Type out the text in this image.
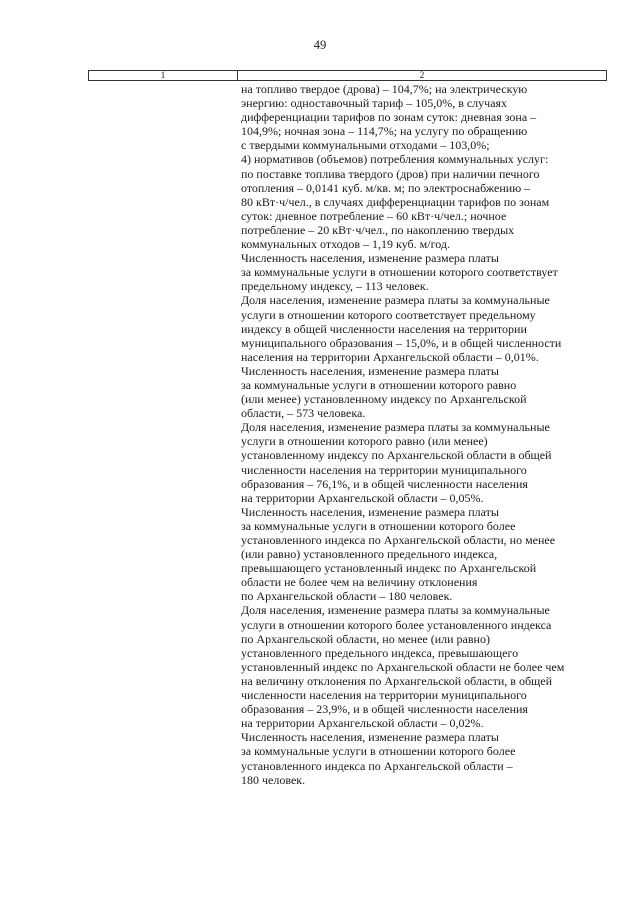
49
1	2
на топливо твердое (дрова) – 104,7%; на электрическую
энергию: одноставочный тариф – 105,0%, в случаях
дифференциации тарифов по зонам суток: дневная зона –
104,9%; ночная зона – 114,7%; на услугу по обращению
с твердыми коммунальными отходами – 103,0%;
4) нормативов (объемов) потребления коммунальных услуг:
по поставке топлива твердого (дров) при наличии печного
отопления – 0,0141 куб. м/кв. м; по электроснабжению –
80 кВт·ч/чел., в случаях дифференциации тарифов по зонам
суток: дневное потребление – 60 кВт·ч/чел.; ночное
потребление – 20 кВт·ч/чел., по накоплению твердых
коммунальных отходов – 1,19 куб. м/год.
Численность населения, изменение размера платы
за коммунальные услуги в отношении которого соответствует
предельному индексу, – 113 человек.
Доля населения, изменение размера платы за коммунальные
услуги в отношении которого соответствует предельному
индексу в общей численности населения на территории
муниципального образования – 15,0%, и в общей численности
населения на территории Архангельской области – 0,01%.
Численность населения, изменение размера платы
за коммунальные услуги в отношении которого равно
(или менее) установленному индексу по Архангельской
области, – 573 человека.
Доля населения, изменение размера платы за коммунальные
услуги в отношении которого равно (или менее)
установленному индексу по Архангельской области в общей
численности населения на территории муниципального
образования – 76,1%, и в общей численности населения
на территории Архангельской области – 0,05%.
Численность населения, изменение размера платы
за коммунальные услуги в отношении которого более
установленного индекса по Архангельской области, но менее
(или равно) установленного предельного индекса,
превышающего установленный индекс по Архангельской
области не более чем на величину отклонения
по Архангельской области – 180 человек.
Доля населения, изменение размера платы за коммунальные
услуги в отношении которого более установленного индекса
по Архангельской области, но менее (или равно)
установленного предельного индекса, превышающего
установленный индекс по Архангельской области не более чем
на величину отклонения по Архангельской области, в общей
численности населения на территории муниципального
образования – 23,9%, и в общей численности населения
на территории Архангельской области – 0,02%.
Численность населения, изменение размера платы
за коммунальные услуги в отношении которого более
установленного индекса по Архангельской области –
180 человек.
